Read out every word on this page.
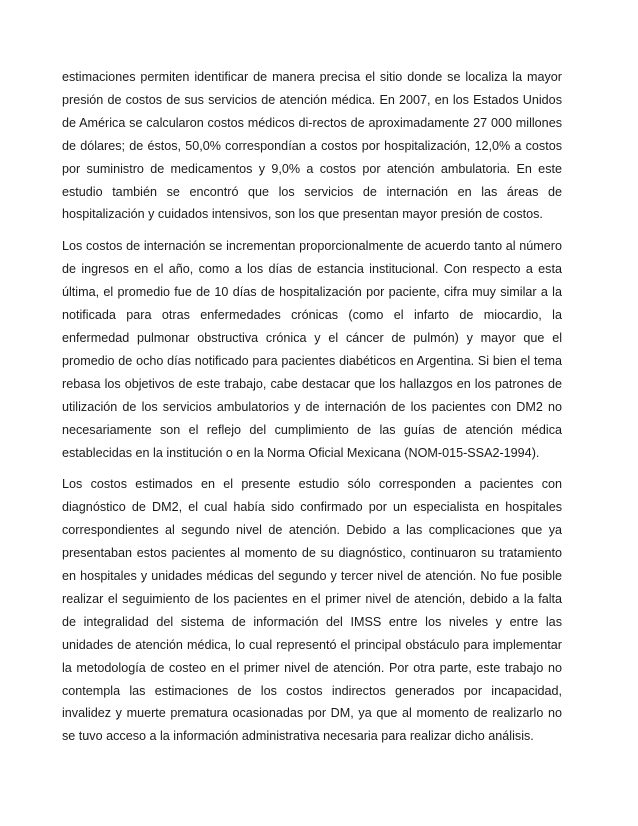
estimaciones permiten identificar de manera precisa el sitio donde se localiza la mayor presión de costos de sus servicios de atención médica. En 2007, en los Estados Unidos de América se calcularon costos médicos di-rectos de aproximadamente 27 000 millones de dólares; de éstos, 50,0% correspondían a costos por hospitalización, 12,0% a costos por suministro de medicamentos y 9,0% a costos por atención ambulatoria. En este estudio también se encontró que los servicios de internación en las áreas de hospitalización y cuidados intensivos, son los que presentan mayor presión de costos.

Los costos de internación se incrementan proporcionalmente de acuerdo tanto al número de ingresos en el año, como a los días de estancia institucional. Con respecto a esta última, el promedio fue de 10 días de hospitalización por paciente, cifra muy similar a la notificada para otras enfermedades crónicas (como el infarto de miocardio, la enfermedad pulmonar obstructiva crónica y el cáncer de pulmón) y mayor que el promedio de ocho días notificado para pacientes diabéticos en Argentina. Si bien el tema rebasa los objetivos de este trabajo, cabe destacar que los hallazgos en los patrones de utilización de los servicios ambulatorios y de internación de los pacientes con DM2 no necesariamente son el reflejo del cumplimiento de las guías de atención médica establecidas en la institución o en la Norma Oficial Mexicana (NOM-015-SSA2-1994).

Los costos estimados en el presente estudio sólo corresponden a pacientes con diagnóstico de DM2, el cual había sido confirmado por un especialista en hospitales correspondientes al segundo nivel de atención. Debido a las complicaciones que ya presentaban estos pacientes al momento de su diagnóstico, continuaron su tratamiento en hospitales y unidades médicas del segundo y tercer nivel de atención. No fue posible realizar el seguimiento de los pacientes en el primer nivel de atención, debido a la falta de integralidad del sistema de información del IMSS entre los niveles y entre las unidades de atención médica, lo cual representó el principal obstáculo para implementar la metodología de costeo en el primer nivel de atención. Por otra parte, este trabajo no contempla las estimaciones de los costos indirectos generados por incapacidad, invalidez y muerte prematura ocasionadas por DM, ya que al momento de realizarlo no se tuvo acceso a la información administrativa necesaria para realizar dicho análisis.
